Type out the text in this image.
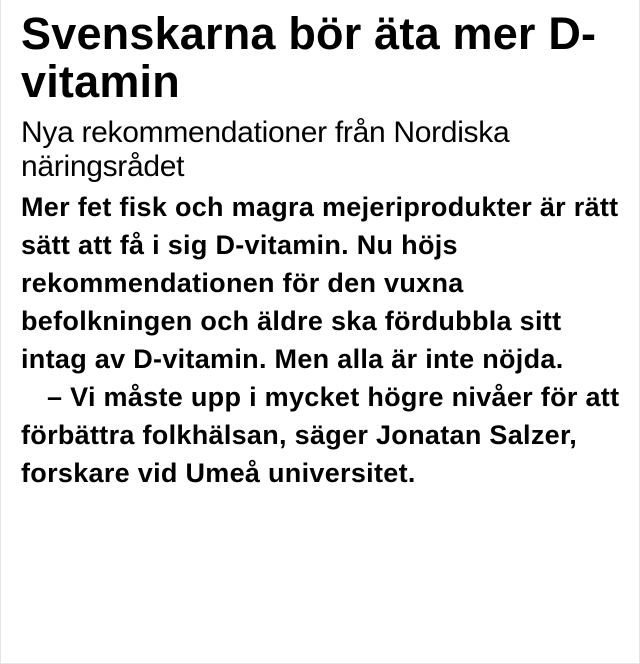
Svenskarna bör äta mer D-vitamin
Nya rekommendationer från Nordiska näringsrådet
Mer fet fisk och magra mejeriprodukter är rätt sätt att få i sig D-vitamin. Nu höjs rekommendationen för den vuxna befolkningen och äldre ska fördubbla sitt intag av D-vitamin. Men alla är inte nöjda.
– Vi måste upp i mycket högre nivåer för att förbättra folkhälsan, säger Jonatan Salzer, forskare vid Umeå universitet.
